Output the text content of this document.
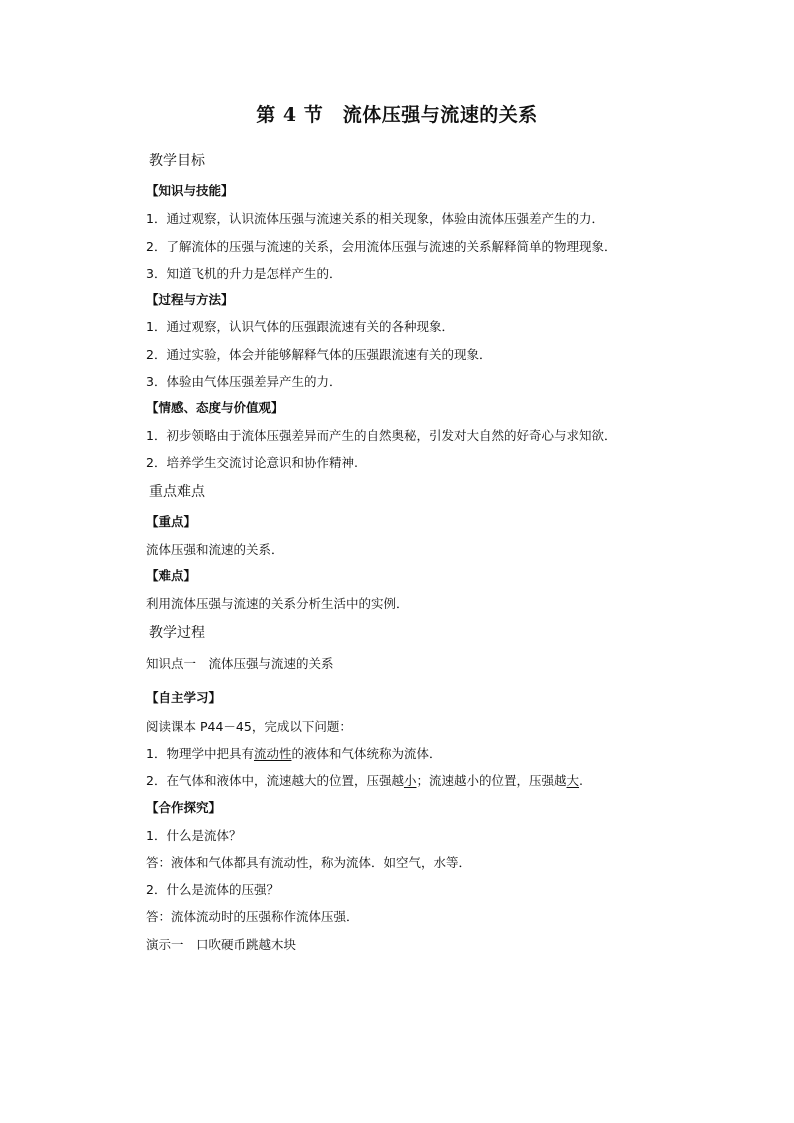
第 4 节　流体压强与流速的关系
教学目标
【知识与技能】
1．通过观察，认识流体压强与流速关系的相关现象，体验由流体压强差产生的力．
2．了解流体的压强与流速的关系，会用流体压强与流速的关系解释简单的物理现象．
3．知道飞机的升力是怎样产生的．
【过程与方法】
1．通过观察，认识气体的压强跟流速有关的各种现象．
2．通过实验，体会并能够解释气体的压强跟流速有关的现象．
3．体验由气体压强差异产生的力．
【情感、态度与价值观】
1．初步领略由于流体压强差异而产生的自然奥秘，引发对大自然的好奇心与求知欲．
2．培养学生交流讨论意识和协作精神.
重点难点
【重点】
流体压强和流速的关系．
【难点】
利用流体压强与流速的关系分析生活中的实例．
教学过程
知识点一　流体压强与流速的关系
【自主学习】
阅读课本 P44－45，完成以下问题：
1．物理学中把具有流动性的液体和气体统称为流体．
2．在气体和液体中，流速越大的位置，压强越小；流速越小的位置，压强越大.
【合作探究】
1．什么是流体？
答：液体和气体都具有流动性，称为流体．如空气，水等．
2．什么是流体的压强？
答：流体流动时的压强称作流体压强．
演示一　口吹硬币跳越木块
